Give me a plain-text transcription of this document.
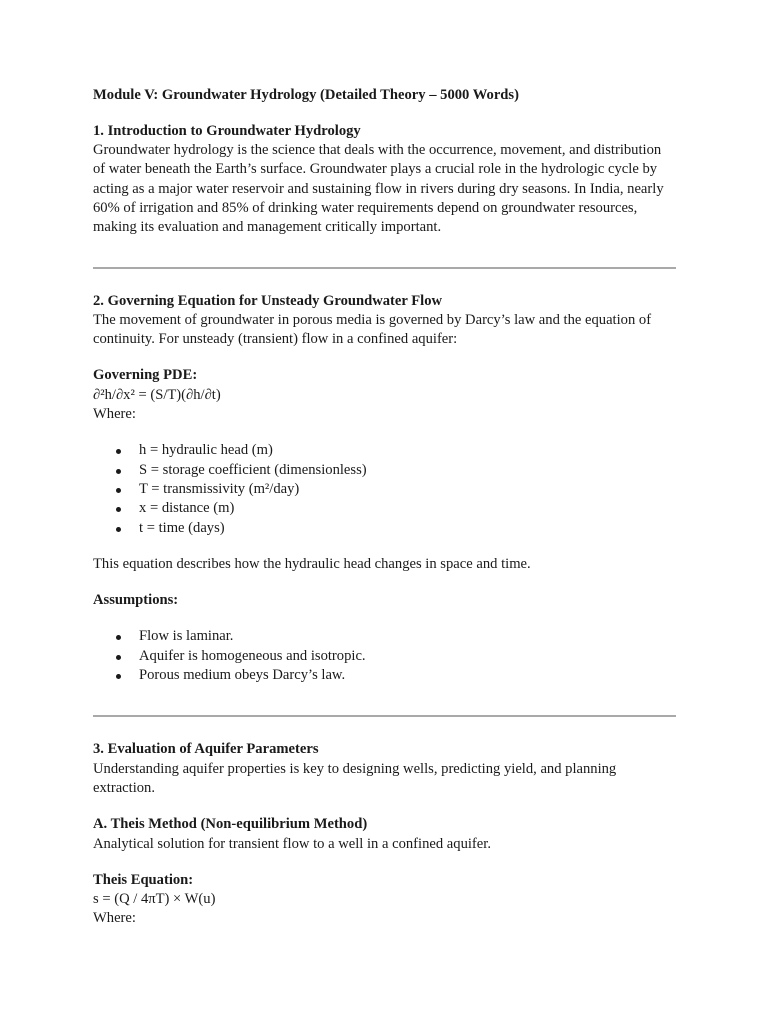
Module V: Groundwater Hydrology (Detailed Theory – 5000 Words)
1. Introduction to Groundwater Hydrology

Groundwater hydrology is the science that deals with the occurrence, movement, and distribution of water beneath the Earth’s surface. Groundwater plays a crucial role in the hydrologic cycle by acting as a major water reservoir and sustaining flow in rivers during dry seasons. In India, nearly 60% of irrigation and 85% of drinking water requirements depend on groundwater resources, making its evaluation and management critically important.

2. Governing Equation for Unsteady Groundwater Flow

The movement of groundwater in porous media is governed by Darcy’s law and the equation of continuity. For unsteady (transient) flow in a confined aquifer:

Governing PDE:

∂²h/∂x² = (S/T)(∂h/∂t)

Where:

h = hydraulic head (m)
S = storage coefficient (dimensionless)
T = transmissivity (m²/day)
x = distance (m)
t = time (days)

This equation describes how the hydraulic head changes in space and time.

Assumptions:
Flow is laminar.
Aquifer is homogeneous and isotropic.
Porous medium obeys Darcy’s law.
3. Evaluation of Aquifer Parameters

Understanding aquifer properties is key to designing wells, predicting yield, and planning extraction.

A. Theis Method (Non-equilibrium Method)

Analytical solution for transient flow to a well in a confined aquifer.

Theis Equation:

s = (Q / 4πT) × W(u)

Where:
